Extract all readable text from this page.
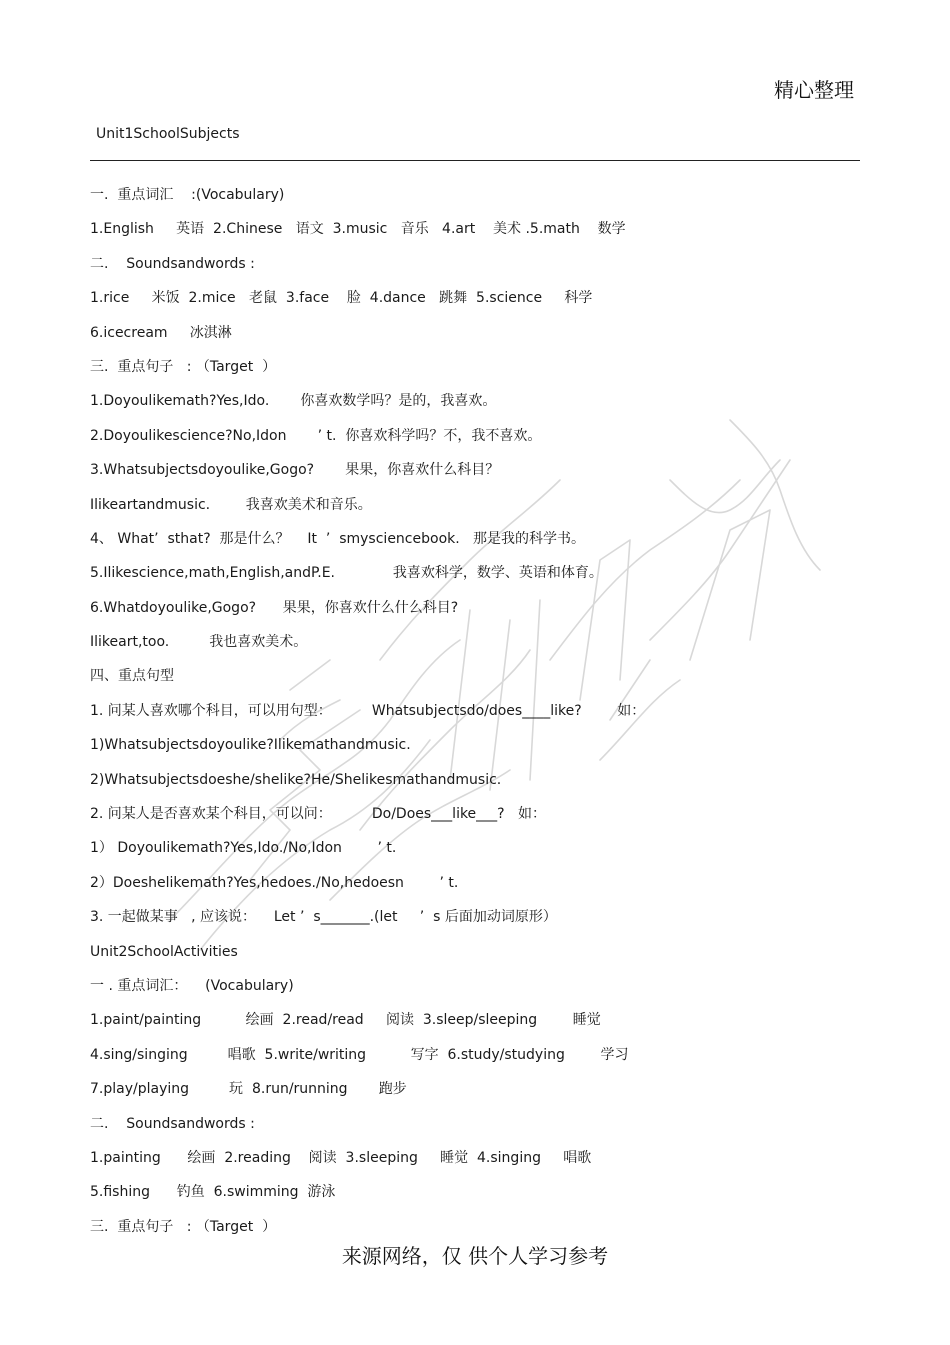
精心整理
Unit1SchoolSubjects
一.  重点词汇    :(Vocabulary)
1.English     英语  2.Chinese   语文  3.music   音乐   4.art    美术 .5.math    数学
二.    Soundsandwords :
1.rice     米饭  2.mice   老鼠  3.face    脸  4.dance   跳舞  5.science     科学
6.icecream     冰淇淋
三.  重点句子   : （Target  ）
1.Doyoulikemath?Yes,Ido.       你喜欢数学吗？是的，我喜欢。
2.Doyoulikescience?No,Idon       ’ t.  你喜欢科学吗？不，我不喜欢。
3.Whatsubjectsdoyoulike,Gogo?       果果，你喜欢什么科目？
Ilikeartandmusic.        我喜欢美术和音乐。
4、 What’  sthat?  那是什么？    It  ’  smysciencebook.   那是我的科学书。
5.Ilikescience,math,English,andP.E.             我喜欢科学，数学、英语和体育。
6.Whatdoyoulike,Gogo?      果果，你喜欢什么什么科目?
Ilikeart,too.         我也喜欢美术。
四、重点句型
1. 问某人喜欢哪个科目，可以用句型：         Whatsubjectsdo/does____like?        如：
1)Whatsubjectsdoyoulike?Ilikemathandmusic.
2)Whatsubjectsdoeshe/shelike?He/Shelikesmathandmusic.
2. 问某人是否喜欢某个科目，可以问：         Do/Does___like___?   如：
1） Doyoulikemath?Yes,Ido./No,Idon        ’ t.
2）Doeshelikemath?Yes,hedoes./No,hedoesn        ’ t.
3. 一起做某事   , 应该说：    Let ’  s_______.(let     ’  s 后面加动词原形）
Unit2SchoolActivities
一 . 重点词汇：    (Vocabulary)
1.paint/painting          绘画  2.read/read     阅读  3.sleep/sleeping        睡觉
4.sing/singing         唱歌  5.write/writing          写字  6.study/studying        学习
7.play/playing         玩  8.run/running       跑步
二.    Soundsandwords :
1.painting      绘画  2.reading    阅读  3.sleeping     睡觉  4.singing     唱歌
5.fishing      钓鱼  6.swimming  游泳
三.  重点句子   : （Target  ）
来源网络，仅 供个人学习参考
